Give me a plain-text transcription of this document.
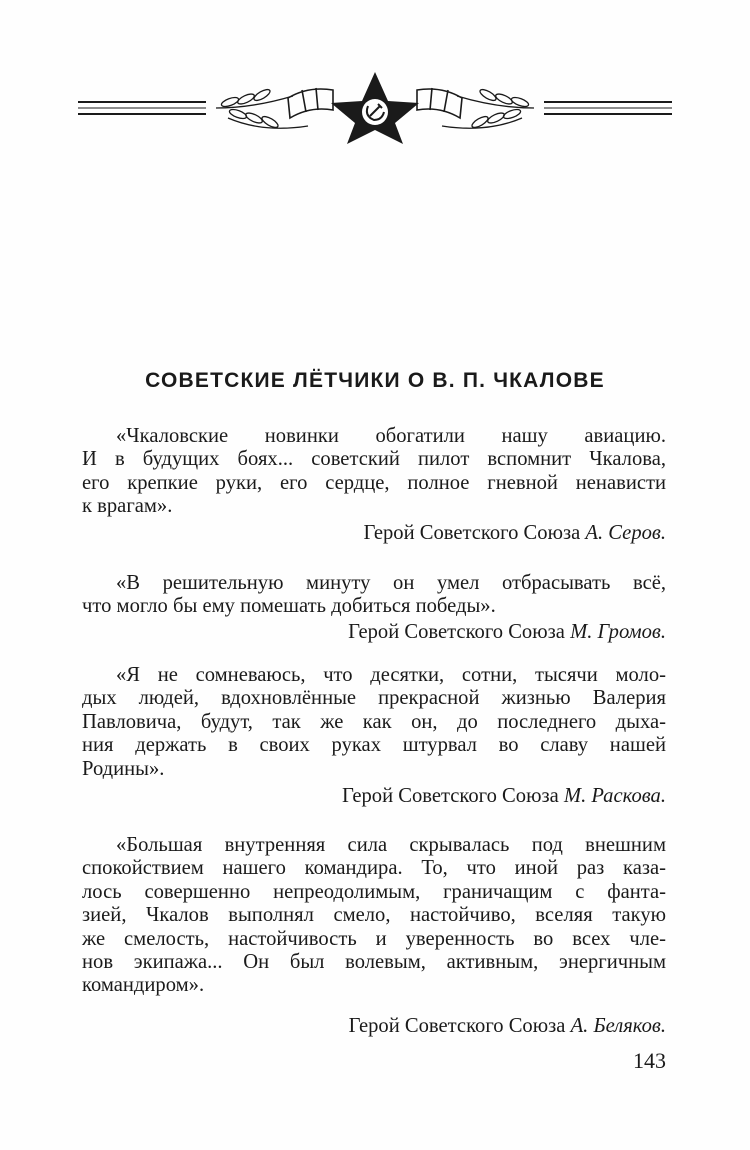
СОВЕТСКИЕ ЛЁТЧИКИ О В. П. ЧКАЛОВЕ
«Чкаловские новинки обогатили нашу авиацию.
И в будущих боях... советский пилот вспомнит Чкалова,
его крепкие руки, его сердце, полное гневной ненависти
к врагам».
Герой Советского Союза А. Серов.
«В решительную минуту он умел отбрасывать всё,
что могло бы ему помешать добиться победы».
Герой Советского Союза М. Громов.
«Я не сомневаюсь, что десятки, сотни, тысячи моло-
дых людей, вдохновлённые прекрасной жизнью Валерия
Павловича, будут, так же как он, до последнего дыха-
ния держать в своих руках штурвал во славу нашей
Родины».
Герой Советского Союза М. Раскова.
«Большая внутренняя сила скрывалась под внешним
спокойствием нашего командира. То, что иной раз каза-
лось совершенно непреодолимым, граничащим с фанта-
зией, Чкалов выполнял смело, настойчиво, вселяя такую
же смелость, настойчивость и уверенность во всех чле-
нов экипажа... Он был волевым, активным, энергичным
командиром».
Герой Советского Союза А. Беляков.
143
